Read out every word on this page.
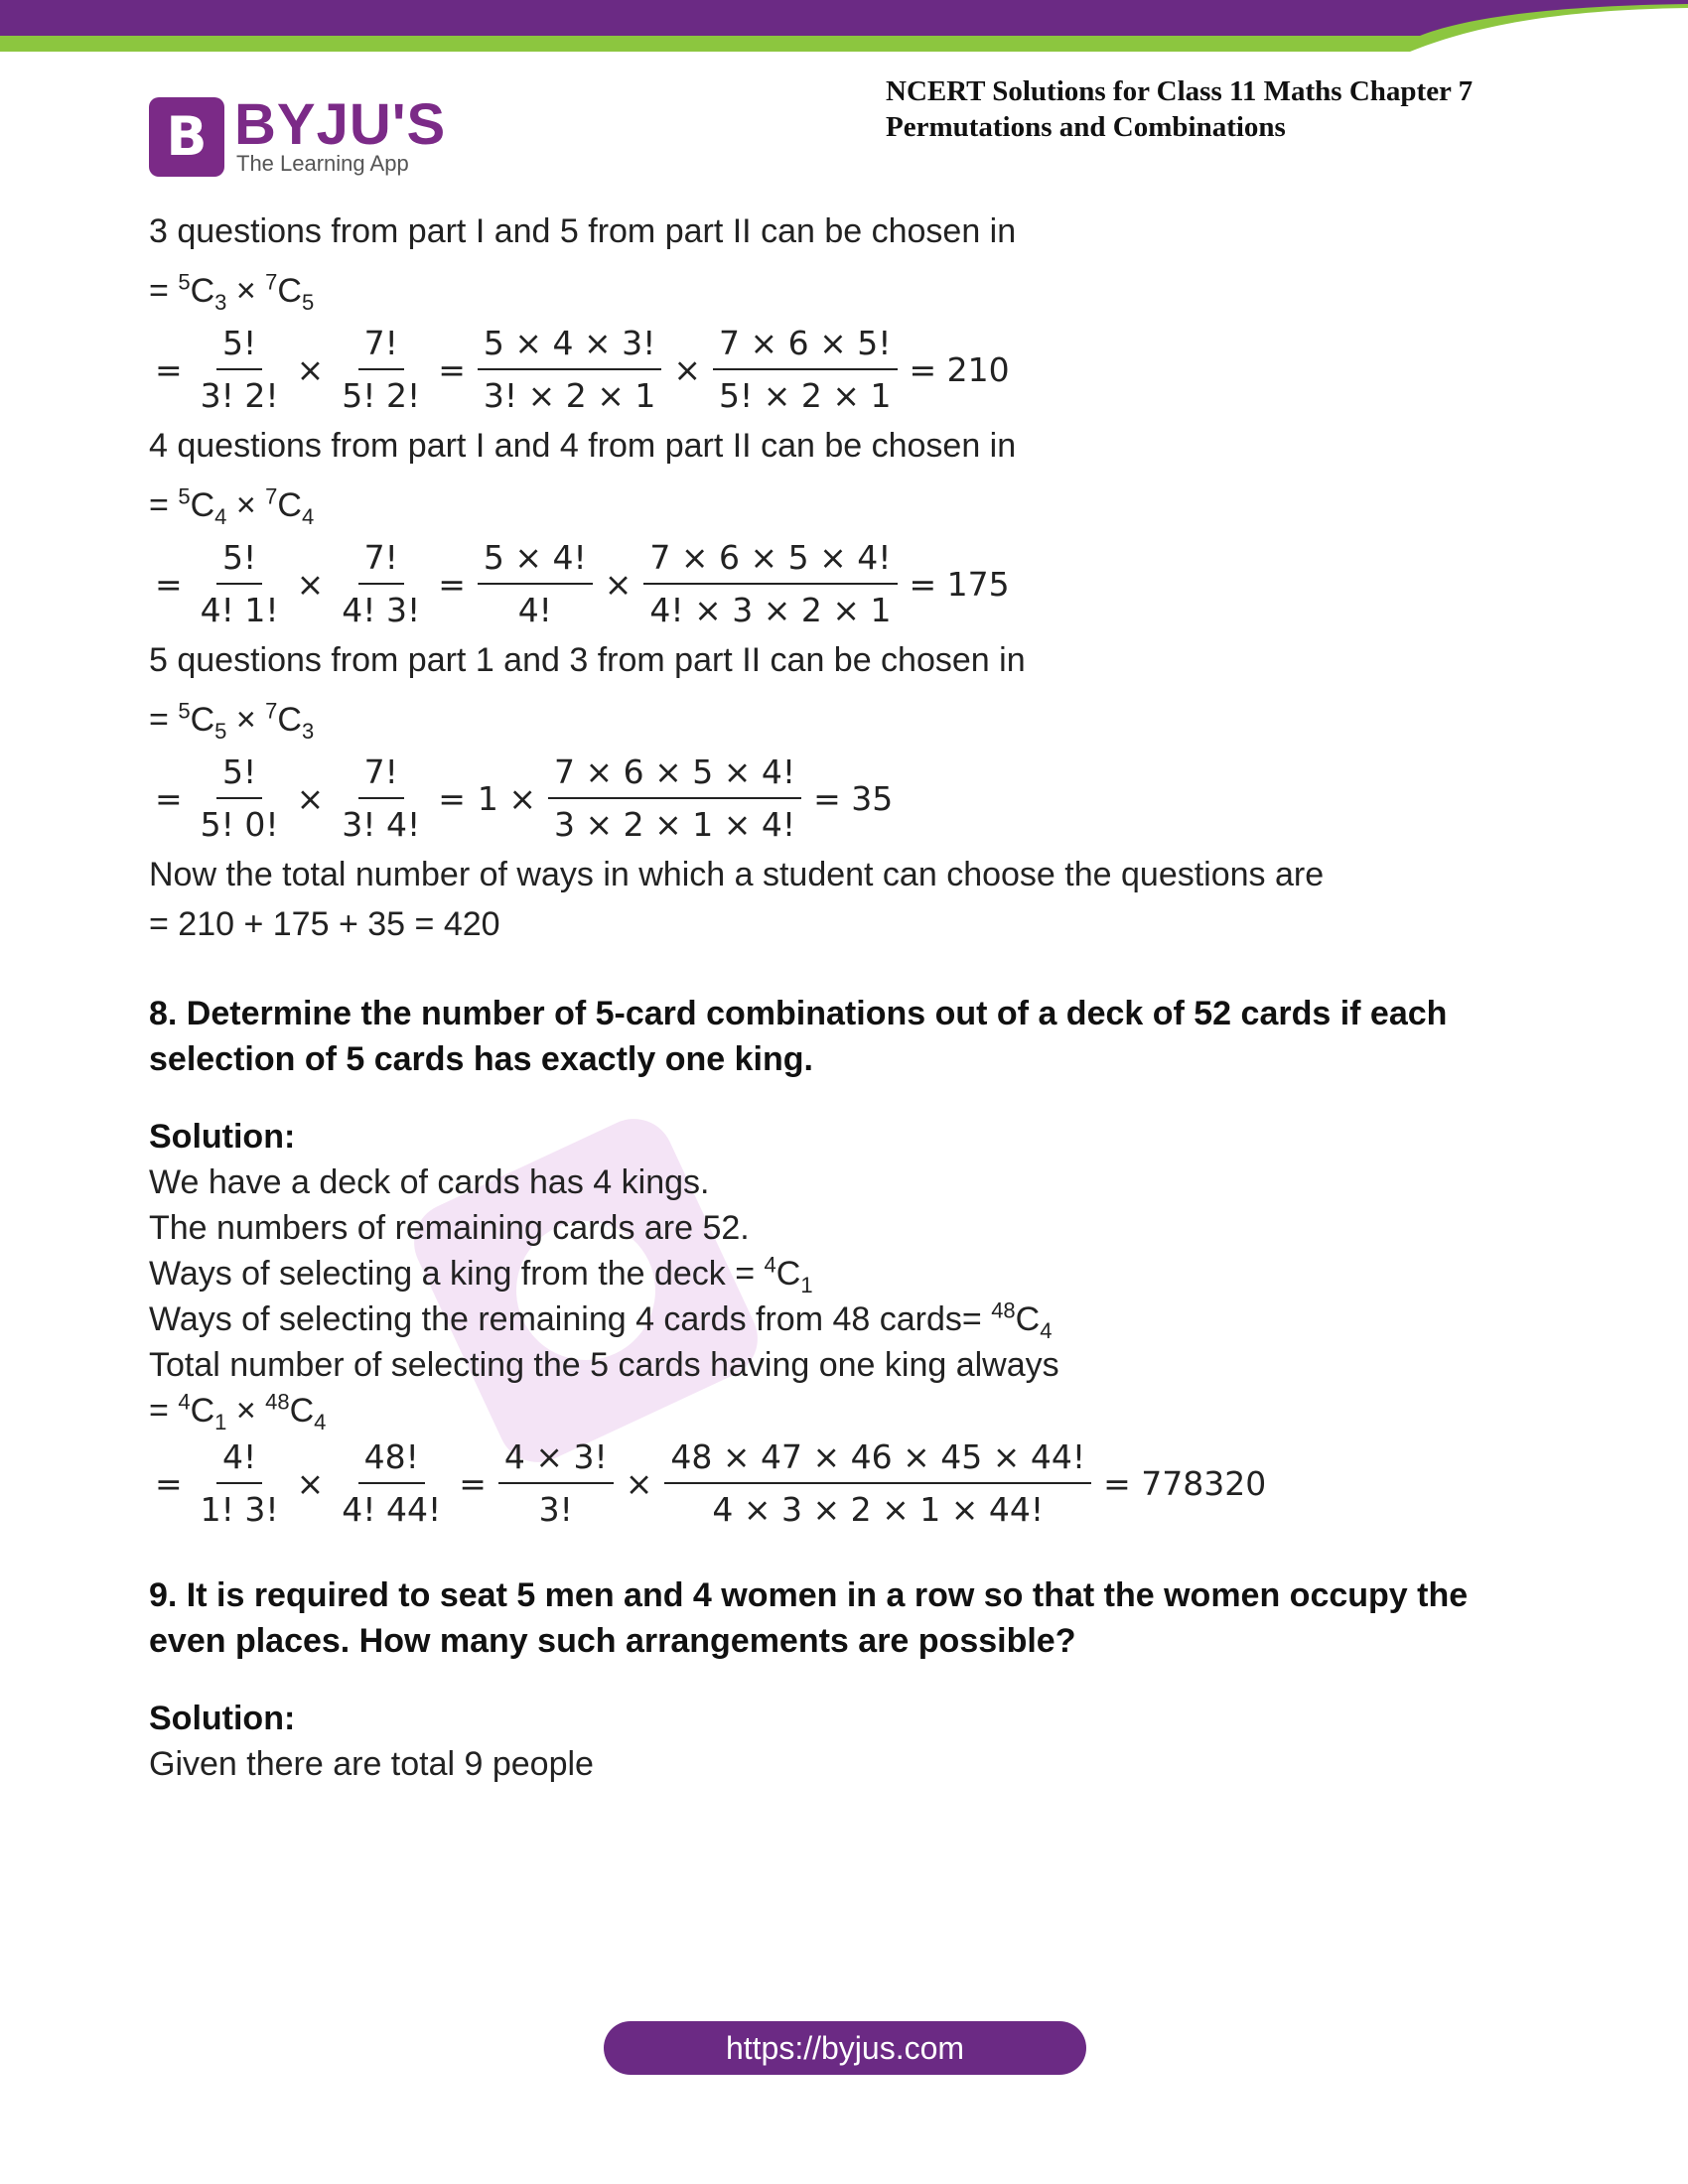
B BYJU'S
The Learning App
NCERT Solutions for Class 11 Maths Chapter 7
Permutations and Combinations

3 questions from part I and 5 from part II can be chosen in

= $^5C_3 \times ^7C_5$

= $\frac{5!}{3! 2!} \times \frac{7!}{5! 2!} = \frac{5 \times 4 \times 3!}{3! \times 2 \times 1} \times \frac{7 \times 6 \times 5!}{5! \times 2 \times 1} = 210$

4 questions from part I and 4 from part II can be chosen in

= $^5C_4 \times ^7C_4$

= $\frac{5!}{4! 1!} \times \frac{7!}{4! 3!} = \frac{5 \times 4!}{4!} \times \frac{7 \times 6 \times 5 \times 4!}{4! \times 3 \times 2 \times 1} = 175$

5 questions from part 1 and 3 from part II can be chosen in

= $^5C_5 \times ^7C_3$

= $\frac{5!}{5! 0!} \times \frac{7!}{3! 4!} = 1 \times \frac{7 \times 6 \times 5 \times 4!}{3 \times 2 \times 1 \times 4!} = 35$

Now the total number of ways in which a student can choose the questions are

= 210 + 175 + 35 = 420

8. Determine the number of 5-card combinations out of a deck of 52 cards if each

selection of 5 cards has exactly one king.

Solution:

We have a deck of cards has 4 kings.

The numbers of remaining cards are 52.

Ways of selecting a king from the deck = $^4C_1$

Ways of selecting the remaining 4 cards from 48 cards= $^{48}C_4$

Total number of selecting the 5 cards having one king always

= $^4C_1 \times ^{48}C_4$

= $\frac{4!}{1! 3!} \times \frac{48!}{4! 44!} = \frac{4 \times 3!}{3!} \times \frac{48 \times 47 \times 46 \times 45 \times 44!}{4 \times 3 \times 2 \times 1 \times 44!} = 778320$

9. It is required to seat 5 men and 4 women in a row so that the women occupy the

even places. How many such arrangements are possible?

Solution:

Given there are total 9 people

https://byjus.com
